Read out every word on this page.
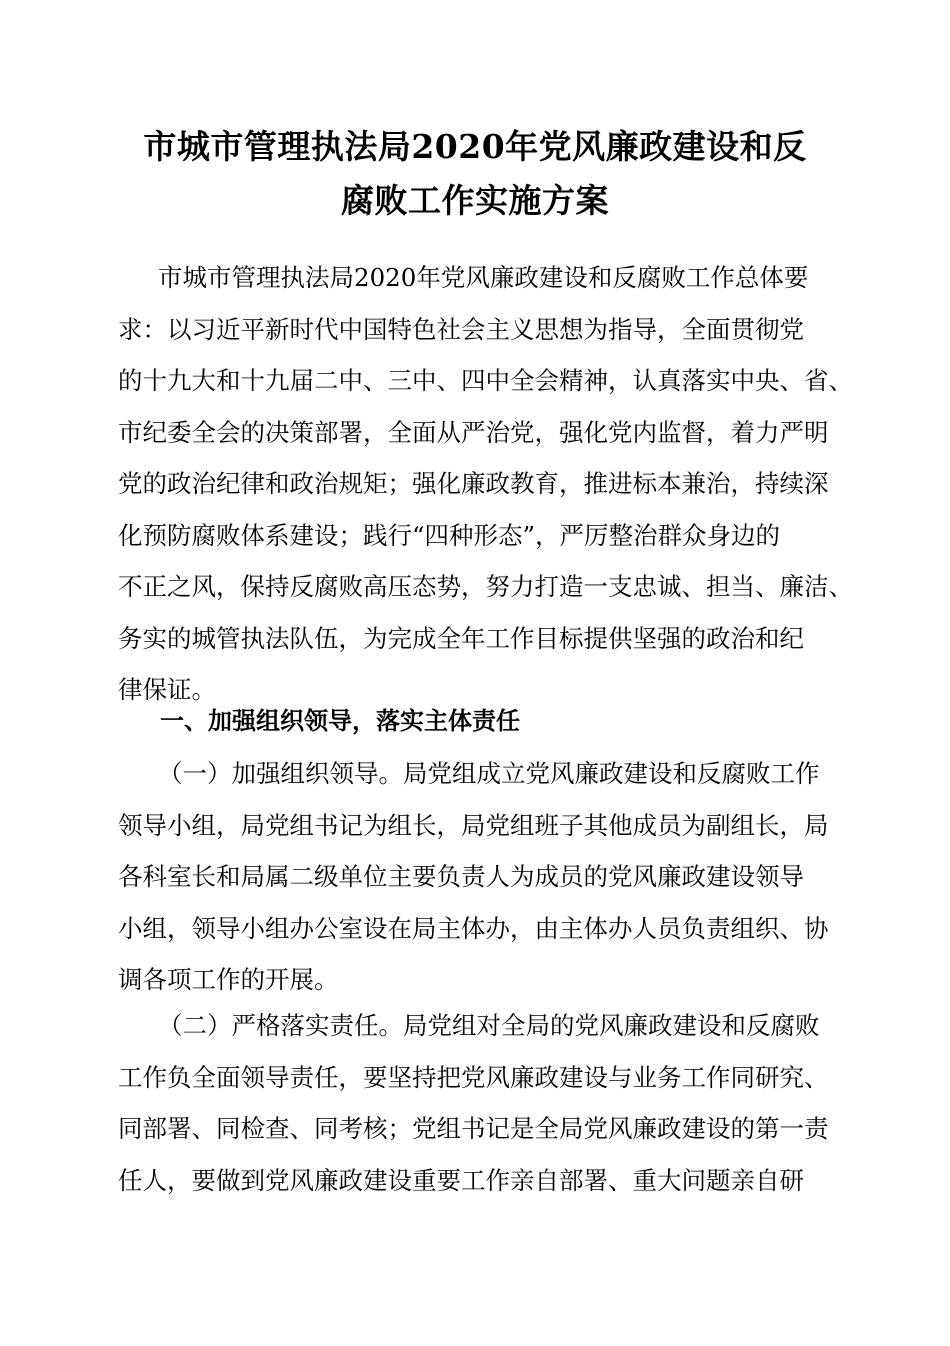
市城市管理执法局2020年党风廉政建设和反
腐败工作实施方案
市城市管理执法局2020年党风廉政建设和反腐败工作总体要
求：以习近平新时代中国特色社会主义思想为指导，全面贯彻党
的十九大和十九届二中、三中、四中全会精神，认真落实中央、省、
市纪委全会的决策部署，全面从严治党，强化党内监督，着力严明
党的政治纪律和政治规矩；强化廉政教育，推进标本兼治，持续深
化预防腐败体系建设；践行“四种形态”，严厉整治群众身边的
不正之风，保持反腐败高压态势，努力打造一支忠诚、担当、廉洁、
务实的城管执法队伍，为完成全年工作目标提供坚强的政治和纪
律保证。
一、加强组织领导，落实主体责任
（一）加强组织领导。局党组成立党风廉政建设和反腐败工作
领导小组，局党组书记为组长，局党组班子其他成员为副组长，局
各科室长和局属二级单位主要负责人为成员的党风廉政建设领导
小组，领导小组办公室设在局主体办，由主体办人员负责组织、协
调各项工作的开展。
（二）严格落实责任。局党组对全局的党风廉政建设和反腐败
工作负全面领导责任，要坚持把党风廉政建设与业务工作同研究、
同部署、同检查、同考核；党组书记是全局党风廉政建设的第一责
任人，要做到党风廉政建设重要工作亲自部署、重大问题亲自研
